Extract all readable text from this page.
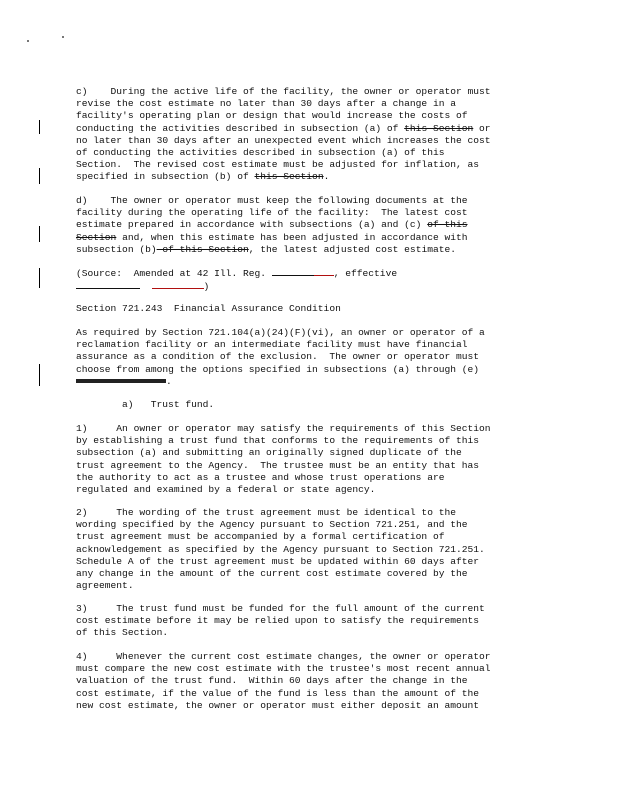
c)    During the active life of the facility, the owner or operator must
revise the cost estimate no later than 30 days after a change in a
facility's operating plan or design that would increase the costs of
conducting the activities described in subsection (a) of this Section or
no later than 30 days after an unexpected event which increases the cost
of conducting the activities described in subsection (a) of this
Section.  The revised cost estimate must be adjusted for inflation, as
specified in subsection (b) of this Section.
d)    The owner or operator must keep the following documents at the
facility during the operating life of the facility:  The latest cost
estimate prepared in accordance with subsections (a) and (c) of this
Section and, when this estimate has been adjusted in accordance with
subsection (b) of this Section, the latest adjusted cost estimate.
(Source:  Amended at 42 Ill. Reg.	, effective
)
Section 721.243  Financial Assurance Condition
As required by Section 721.104(a)(24)(F)(vi), an owner or operator of a
reclamation facility or an intermediate facility must have financial
assurance as a condition of the exclusion.  The owner or operator must
choose from among the options specified in subsections (a) through (e)
.
a)   Trust fund.
1)     An owner or operator may satisfy the requirements of this Section
by establishing a trust fund that conforms to the requirements of this
subsection (a) and submitting an originally signed duplicate of the
trust agreement to the Agency.  The trustee must be an entity that has
the authority to act as a trustee and whose trust operations are
regulated and examined by a federal or state agency.
2)     The wording of the trust agreement must be identical to the
wording specified by the Agency pursuant to Section 721.251, and the
trust agreement must be accompanied by a formal certification of
acknowledgement as specified by the Agency pursuant to Section 721.251.
Schedule A of the trust agreement must be updated within 60 days after
any change in the amount of the current cost estimate covered by the
agreement.
3)     The trust fund must be funded for the full amount of the current
cost estimate before it may be relied upon to satisfy the requirements
of this Section.
4)     Whenever the current cost estimate changes, the owner or operator
must compare the new cost estimate with the trustee's most recent annual
valuation of the trust fund.  Within 60 days after the change in the
cost estimate, if the value of the fund is less than the amount of the
new cost estimate, the owner or operator must either deposit an amount
